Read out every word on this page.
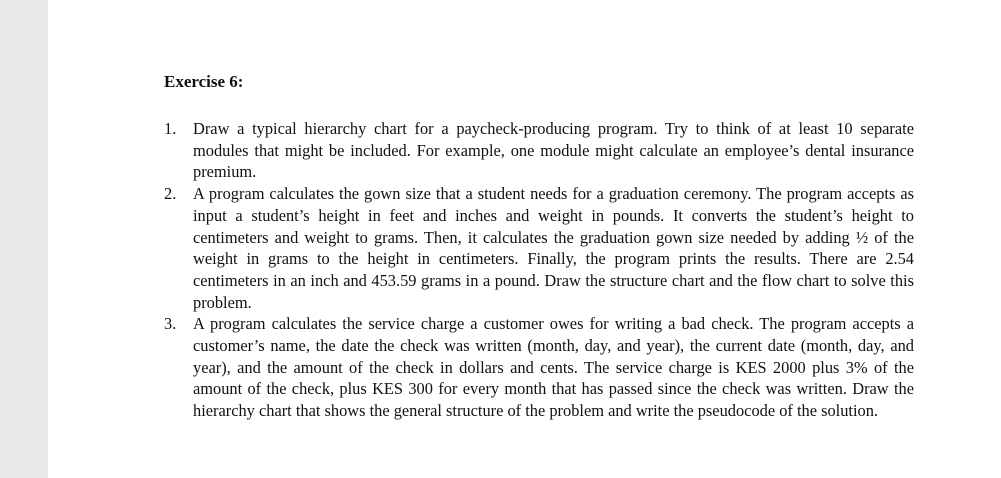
Exercise 6:
1. Draw a typical hierarchy chart for a paycheck-producing program. Try to think of at least 10 separate modules that might be included. For example, one module might calculate an employee’s dental insurance premium.
2. A program calculates the gown size that a student needs for a graduation ceremony. The program accepts as input a student’s height in feet and inches and weight in pounds. It converts the student’s height to centimeters and weight to grams. Then, it calculates the graduation gown size needed by adding ½ of the weight in grams to the height in centimeters. Finally, the program prints the results. There are 2.54 centimeters in an inch and 453.59 grams in a pound. Draw the structure chart and the flow chart to solve this problem.
3. A program calculates the service charge a customer owes for writing a bad check. The program accepts a customer’s name, the date the check was written (month, day, and year), the current date (month, day, and year), and the amount of the check in dollars and cents. The service charge is KES 2000 plus 3% of the amount of the check, plus KES 300 for every month that has passed since the check was written. Draw the hierarchy chart that shows the general structure of the problem and write the pseudocode of the solution.
